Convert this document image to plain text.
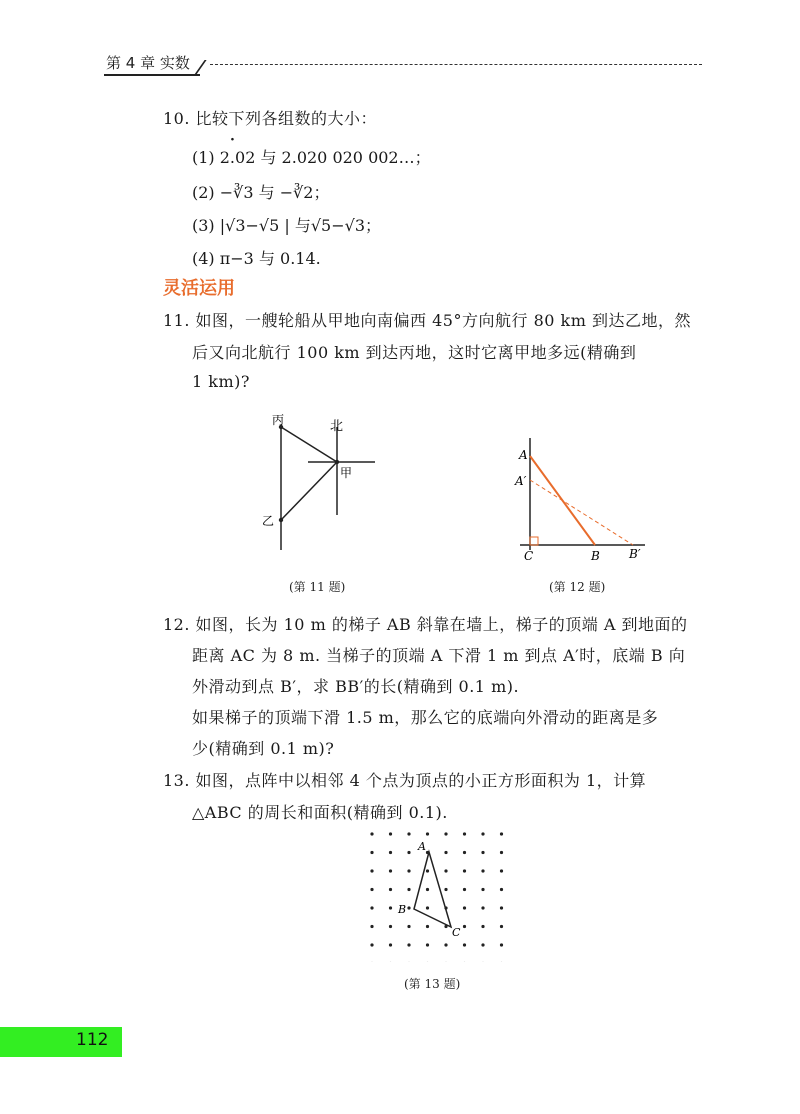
第 4 章 实数
10. 比较下列各组数的大小：
(1) 2.02 与 2.020 020 002…；
·
(2) −∛3 与 −∛2；
(3) |√3−√5 | 与√5−√3；
(4) π−3 与 0.14.
灵活运用
11. 如图，一艘轮船从甲地向南偏西 45°方向航行 80 km 到达乙地，然
后又向北航行 100 km 到达丙地，这时它离甲地多远(精确到
1 km)?
丙	北
甲
乙
(第 11 题)
A
A′
C	B B′
(第 12 题)
12. 如图，长为 10 m 的梯子 AB 斜靠在墙上，梯子的顶端 A 到地面的
距离 AC 为 8 m. 当梯子的顶端 A 下滑 1 m 到点 A′时，底端 B 向
外滑动到点 B′，求 BB′的长(精确到 0.1 m).
如果梯子的顶端下滑 1.5 m，那么它的底端向外滑动的距离是多
少(精确到 0.1 m)?
13. 如图，点阵中以相邻 4 个点为顶点的小正方形面积为 1，计算
△ABC 的周长和面积(精确到 0.1).
A
B
C
(第 13 题)
112
